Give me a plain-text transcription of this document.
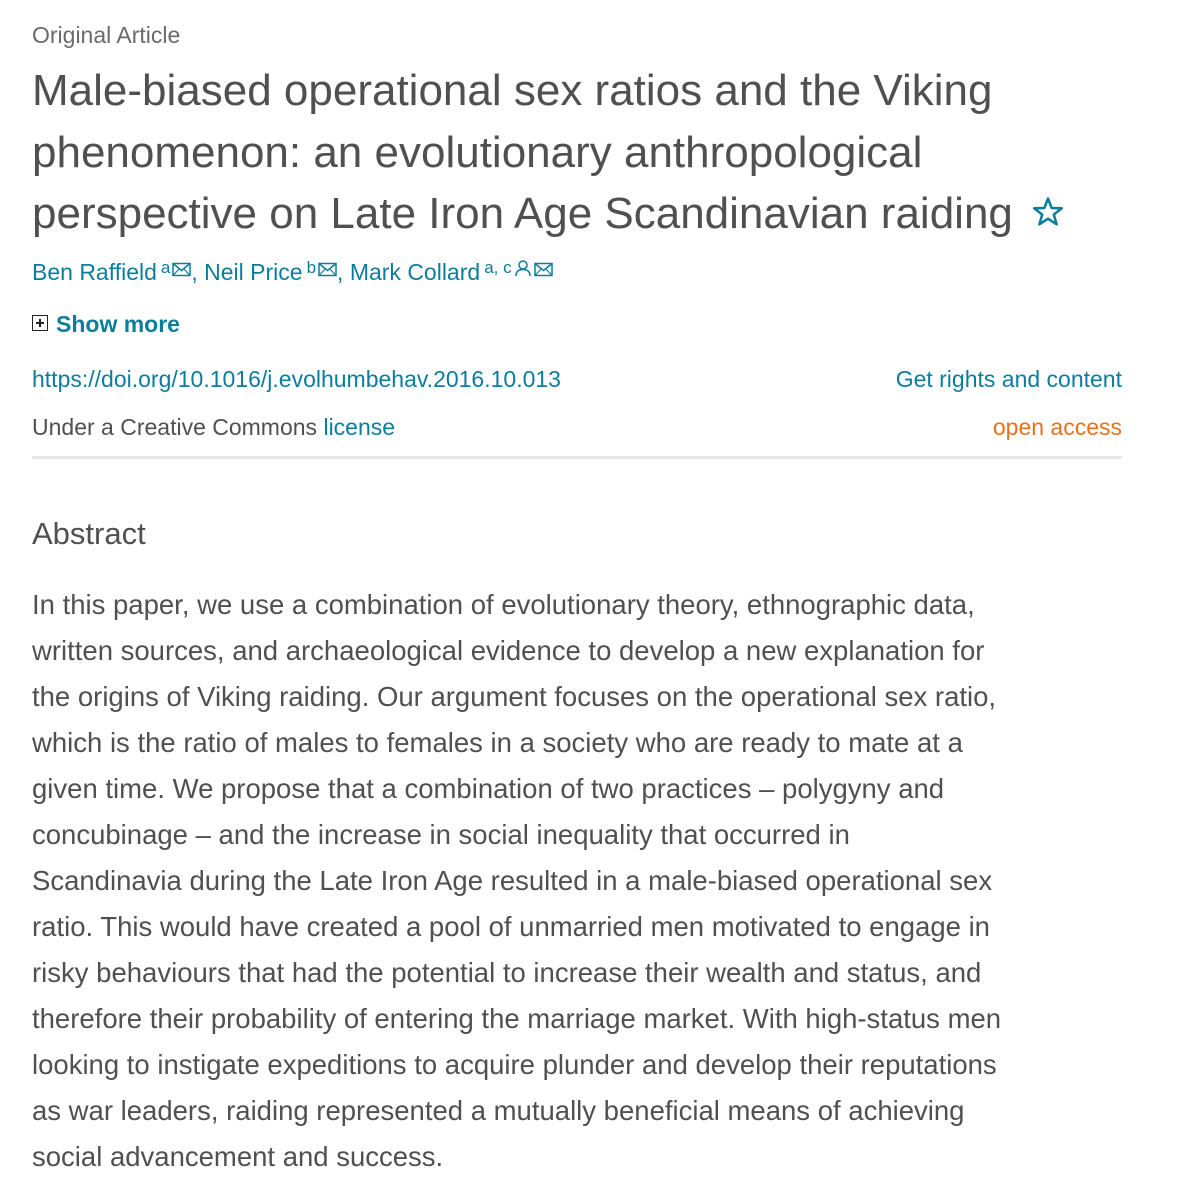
Original Article
Male-biased operational sex ratios and the Viking
phenomenon: an evolutionary anthropological
perspective on Late Iron Age Scandinavian raiding
Ben Raffield $^a$ , Neil Price $^b$ , Mark Collard $^{a, c}$
Show more
https://doi.org/10.1016/j.evolhumbehav.2016.10.013	Get rights and content
Under a Creative Commons license	open access
Abstract
In this paper, we use a combination of evolutionary theory, ethnographic data,
written sources, and archaeological evidence to develop a new explanation for
the origins of Viking raiding. Our argument focuses on the operational sex ratio,
which is the ratio of males to females in a society who are ready to mate at a
given time. We propose that a combination of two practices – polygyny and
concubinage – and the increase in social inequality that occurred in
Scandinavia during the Late Iron Age resulted in a male-biased operational sex
ratio. This would have created a pool of unmarried men motivated to engage in
risky behaviours that had the potential to increase their wealth and status, and
therefore their probability of entering the marriage market. With high-status men
looking to instigate expeditions to acquire plunder and develop their reputations
as war leaders, raiding represented a mutually beneficial means of achieving
social advancement and success.
